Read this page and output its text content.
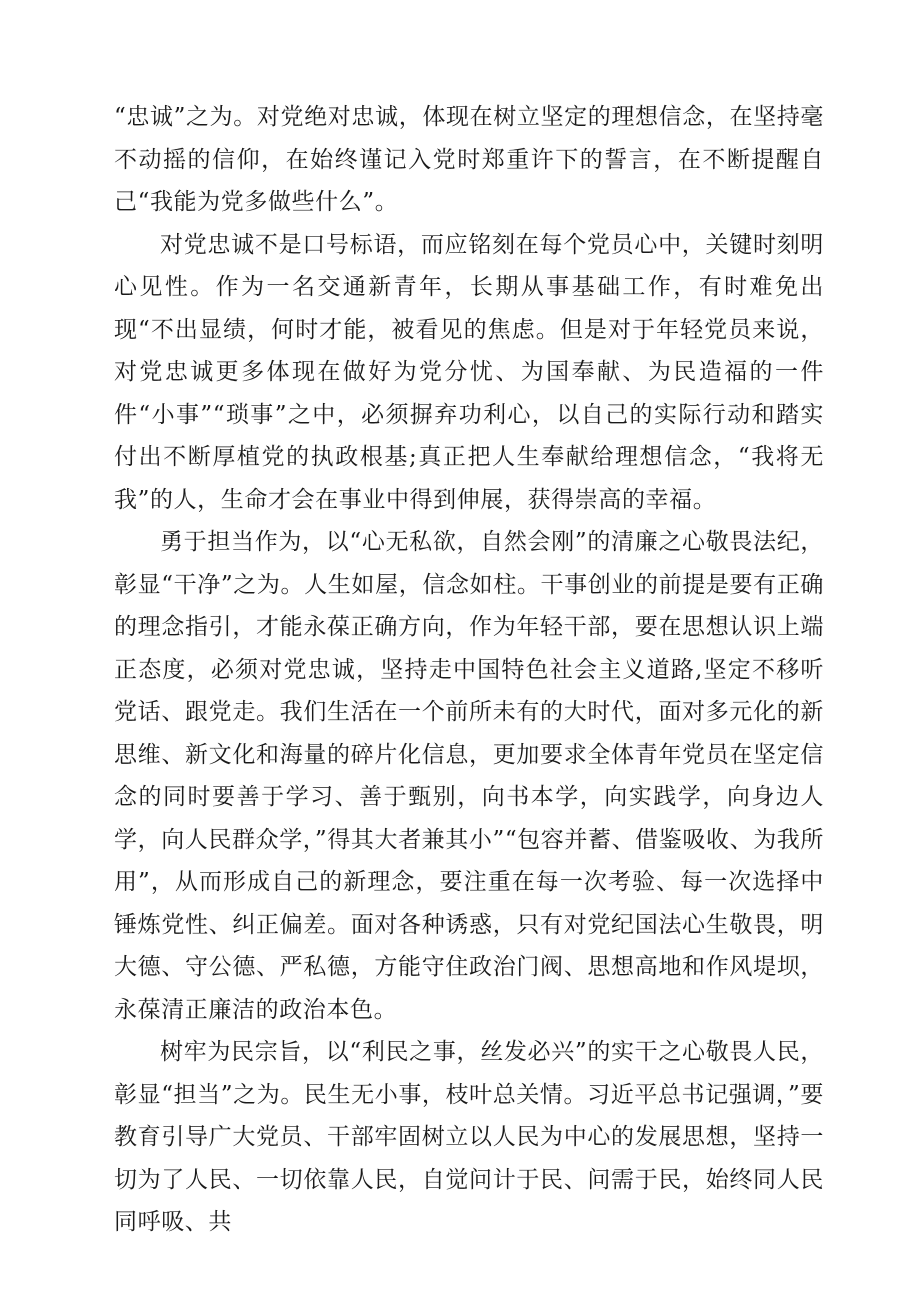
“忠诚”之为。对党绝对忠诚，体现在树立坚定的理想信念，在坚持毫不动摇的信仰，在始终谨记入党时郑重许下的誓言，在不断提醒自己“我能为党多做些什么”。

对党忠诚不是口号标语，而应铭刻在每个党员心中，关键时刻明心见性。作为一名交通新青年，长期从事基础工作，有时难免出现“不出显绩，何时才能，被看见的焦虑。但是对于年轻党员来说，对党忠诚更多体现在做好为党分忧、为国奉献、为民造福的一件件“小事”“琐事”之中，必须摒弃功利心，以自己的实际行动和踏实付出不断厚植党的执政根基;真正把人生奉献给理想信念，“我将无我”的人，生命才会在事业中得到伸展，获得崇高的幸福。

勇于担当作为，以“心无私欲，自然会刚”的清廉之心敬畏法纪，彰显“干净”之为。人生如屋，信念如柱。干事创业的前提是要有正确的理念指引，才能永葆正确方向，作为年轻干部，要在思想认识上端正态度，必须对党忠诚，坚持走中国特色社会主义道路,坚定不移听党话、跟党走。我们生活在一个前所未有的大时代，面对多元化的新思维、新文化和海量的碎片化信息，更加要求全体青年党员在坚定信念的同时要善于学习、善于甄别，向书本学，向实践学，向身边人学，向人民群众学，”得其大者兼其小”“包容并蓄、借鉴吸收、为我所用”，从而形成自己的新理念，要注重在每一次考验、每一次选择中锤炼党性、纠正偏差。面对各种诱惑，只有对党纪国法心生敬畏，明大德、守公德、严私德，方能守住政治门阀、思想高地和作风堤坝，永葆清正廉洁的政治本色。

树牢为民宗旨，以“利民之事，丝发必兴”的实干之心敬畏人民，彰显“担当”之为。民生无小事，枝叶总关情。习近平总书记强调，”要教育引导广大党员、干部牢固树立以人民为中心的发展思想，坚持一切为了人民、一切依靠人民，自觉问计于民、问需于民，始终同人民同呼吸、共
